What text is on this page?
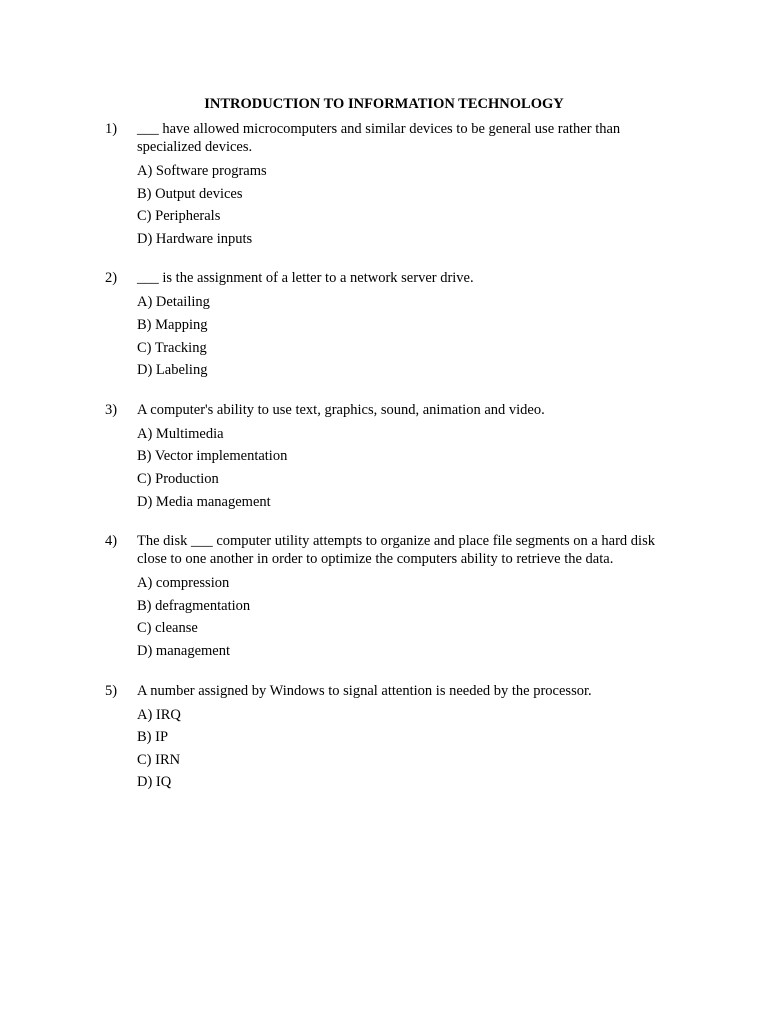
INTRODUCTION TO INFORMATION TECHNOLOGY
1) ___ have allowed microcomputers and similar devices to be general use rather than specialized devices.
A) Software programs
B) Output devices
C) Peripherals
D) Hardware inputs
2) ___ is the assignment of a letter to a network server drive.
A) Detailing
B) Mapping
C) Tracking
D) Labeling
3) A computer's ability to use text, graphics, sound, animation and video.
A) Multimedia
B) Vector implementation
C) Production
D) Media management
4) The disk ___ computer utility attempts to organize and place file segments on a hard disk close to one another in order to optimize the computers ability to retrieve the data.
A) compression
B) defragmentation
C) cleanse
D) management
5) A number assigned by Windows to signal attention is needed by the processor.
A) IRQ
B) IP
C) IRN
D) IQ
